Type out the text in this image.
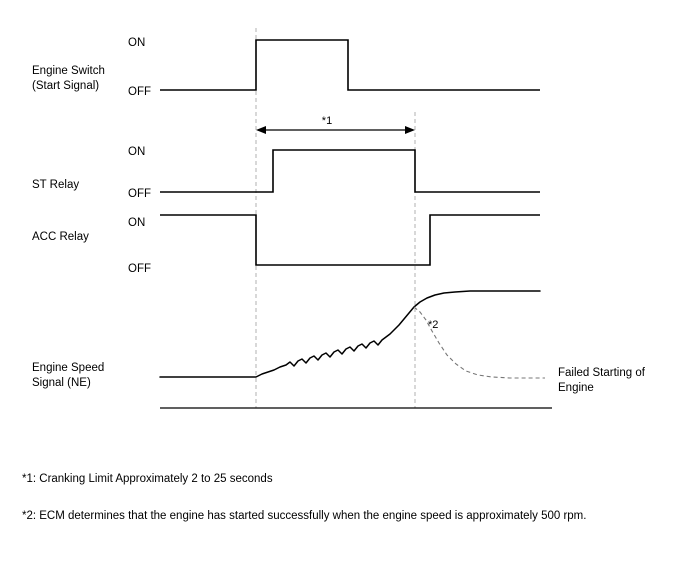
Engine Switch
(Start Signal)
ST Relay
ACC Relay
Engine Speed
Signal (NE)
ON
OFF
ON
OFF
ON
OFF
*1
*2
Failed Starting of
Engine
*1: Cranking Limit Approximately 2 to 25 seconds
*2: ECM determines that the engine has started successfully when the engine speed is approximately 500 rpm.
